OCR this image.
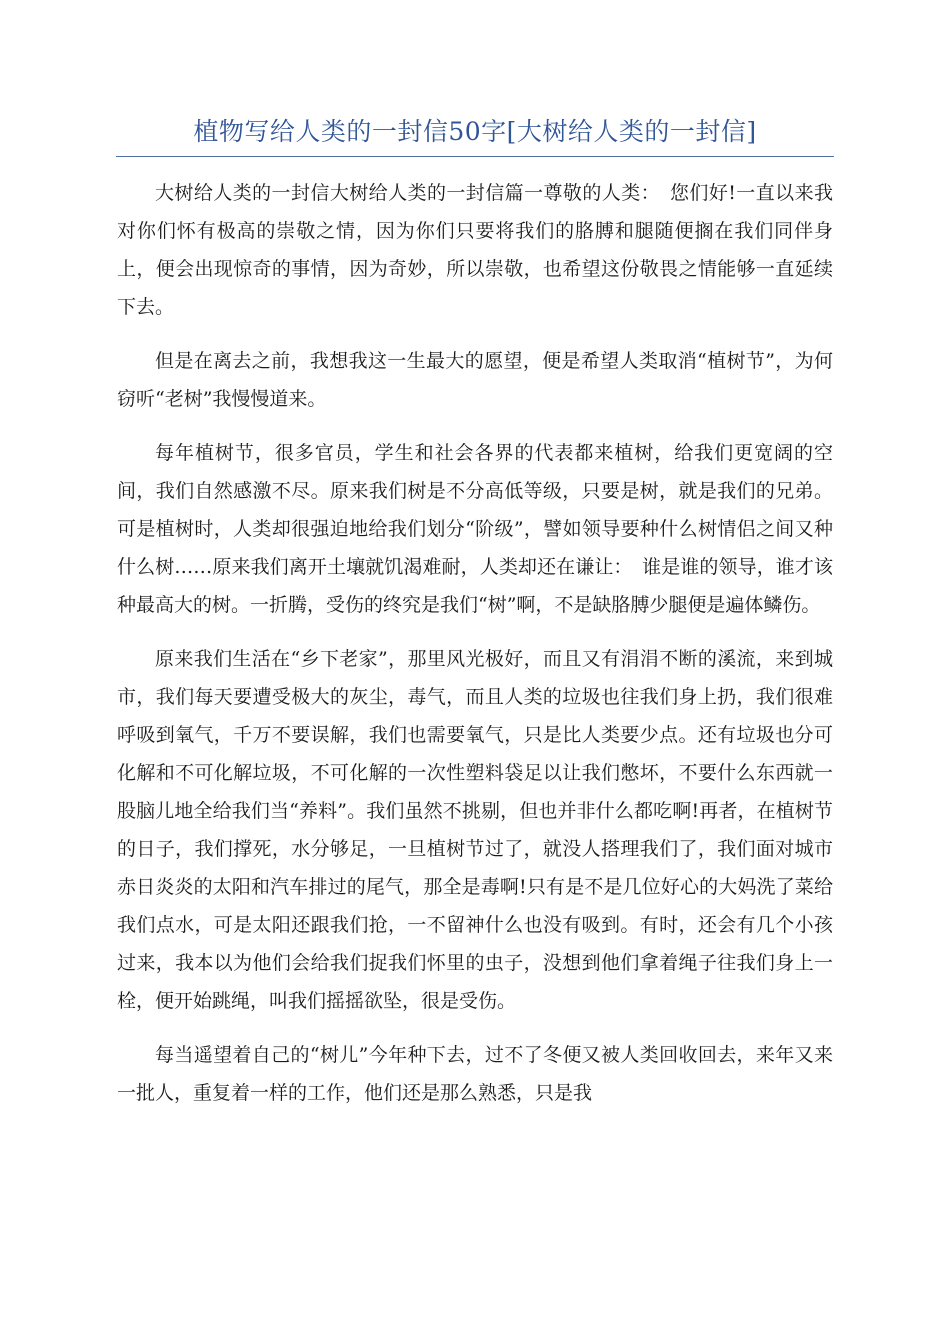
植物写给人类的一封信50字[大树给人类的一封信]

大树给人类的一封信大树给人类的一封信篇一尊敬的人类：　您们好!一直以来我对你们怀有极高的崇敬之情，因为你们只要将我们的胳膊和腿随便搁在我们同伴身上，便会出现惊奇的事情，因为奇妙，所以崇敬，也希望这份敬畏之情能够一直延续下去。

但是在离去之前，我想我这一生最大的愿望，便是希望人类取消“植树节”，为何窃听“老树”我慢慢道来。

每年植树节，很多官员，学生和社会各界的代表都来植树，给我们更宽阔的空间，我们自然感激不尽。原来我们树是不分高低等级，只要是树，就是我们的兄弟。可是植树时，人类却很强迫地给我们划分“阶级”，譬如领导要种什么树情侣之间又种什么树……原来我们离开土壤就饥渴难耐，人类却还在谦让：　谁是谁的领导，谁才该种最高大的树。一折腾，受伤的终究是我们“树”啊，不是缺胳膊少腿便是遍体鳞伤。

原来我们生活在“乡下老家”，那里风光极好，而且又有涓涓不断的溪流，来到城市，我们每天要遭受极大的灰尘，毒气，而且人类的垃圾也往我们身上扔，我们很难呼吸到氧气，千万不要误解，我们也需要氧气，只是比人类要少点。还有垃圾也分可化解和不可化解垃圾，不可化解的一次性塑料袋足以让我们憋坏，不要什么东西就一股脑儿地全给我们当“养料”。我们虽然不挑剔，但也并非什么都吃啊!再者，在植树节的日子，我们撑死，水分够足，一旦植树节过了，就没人搭理我们了，我们面对城市赤日炎炎的太阳和汽车排过的尾气，那全是毒啊!只有是不是几位好心的大妈洗了菜给我们点水，可是太阳还跟我们抢，一不留神什么也没有吸到。有时，还会有几个小孩过来，我本以为他们会给我们捉我们怀里的虫子，没想到他们拿着绳子往我们身上一栓，便开始跳绳，叫我们摇摇欲坠，很是受伤。

每当遥望着自己的“树儿”今年种下去，过不了冬便又被人类回收回去，来年又来一批人，重复着一样的工作，他们还是那么熟悉，只是我
